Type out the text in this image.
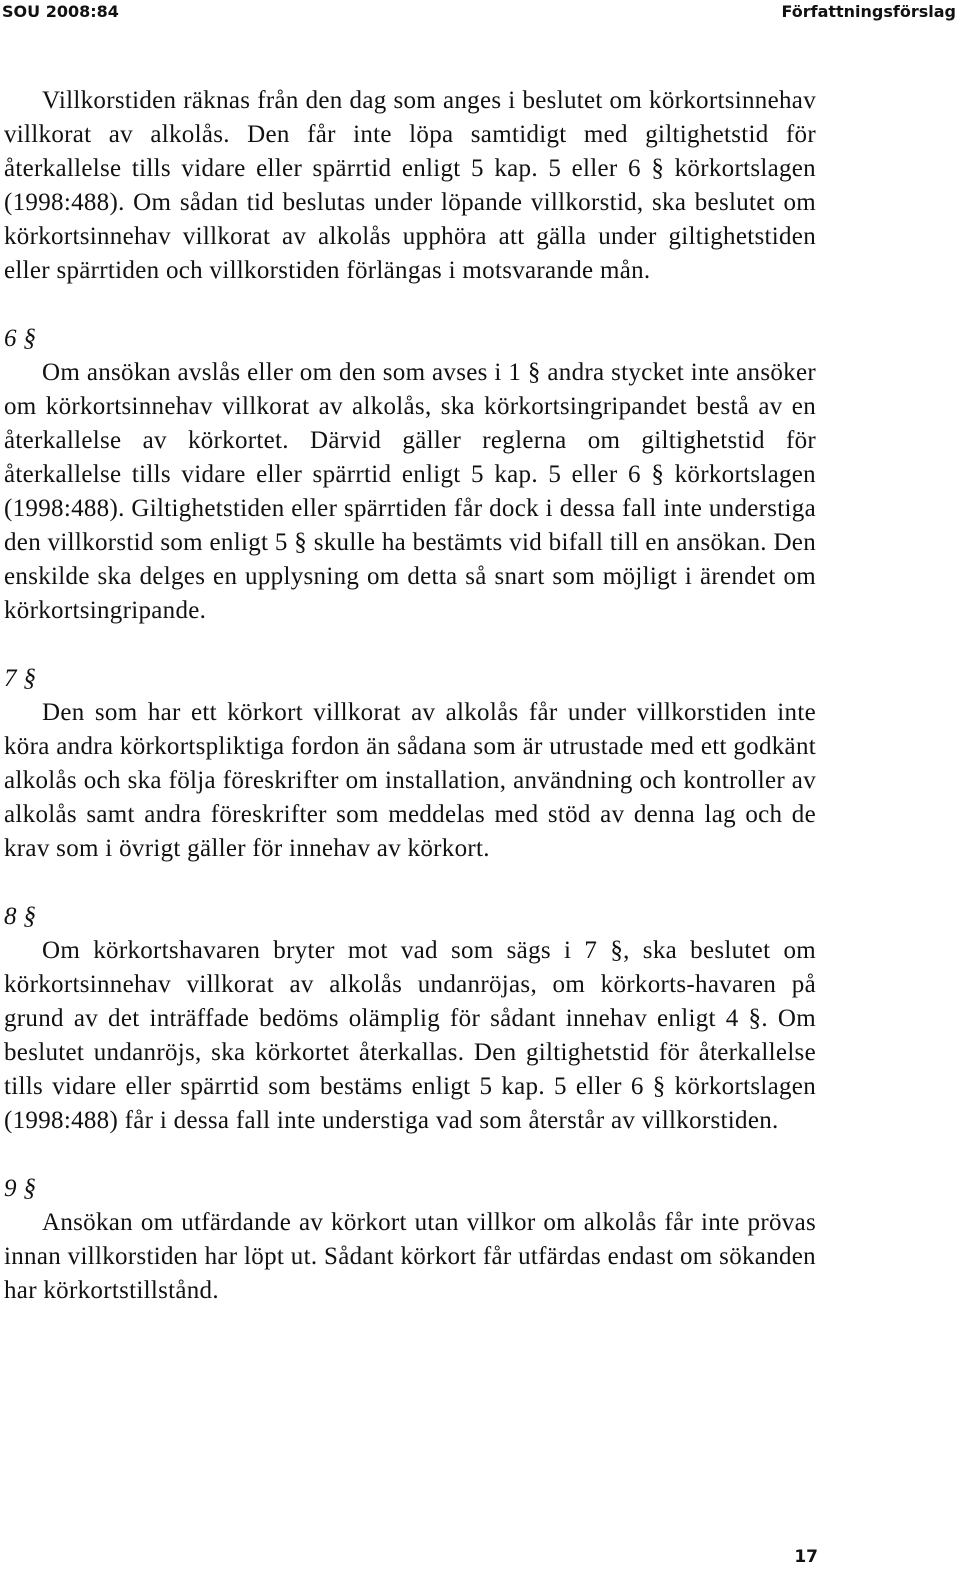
SOU 2008:84	Författningsförslag

Villkorstiden räknas från den dag som anges i beslutet om körkortsinnehav villkorat av alkolås. Den får inte löpa samtidigt med giltighetstid för återkallelse tills vidare eller spärrtid enligt 5 kap. 5 eller 6 § körkortslagen (1998:488). Om sådan tid beslutas under löpande villkorstid, ska beslutet om körkortsinnehav villkorat av alkolås upphöra att gälla under giltighetstiden eller spärrtiden och villkorstiden förlängas i motsvarande mån.

6 §

Om ansökan avslås eller om den som avses i 1 § andra stycket inte ansöker om körkortsinnehav villkorat av alkolås, ska körkortsingripandet bestå av en återkallelse av körkortet. Därvid gäller reglerna om giltighetstid för återkallelse tills vidare eller spärrtid enligt 5 kap. 5 eller 6 § körkortslagen (1998:488). Giltighetstiden eller spärrtiden får dock i dessa fall inte understiga den villkorstid som enligt 5 § skulle ha bestämts vid bifall till en ansökan. Den enskilde ska delges en upplysning om detta så snart som möjligt i ärendet om körkortsingripande.

7 §

Den som har ett körkort villkorat av alkolås får under villkorstiden inte köra andra körkortspliktiga fordon än sådana som är utrustade med ett godkänt alkolås och ska följa föreskrifter om installation, användning och kontroller av alkolås samt andra föreskrifter som meddelas med stöd av denna lag och de krav som i övrigt gäller för innehav av körkort.

8 §

Om körkortshavaren bryter mot vad som sägs i 7 §, ska beslutet om körkortsinnehav villkorat av alkolås undanröjas, om körkorts-havaren på grund av det inträffade bedöms olämplig för sådant innehav enligt 4 §. Om beslutet undanröjs, ska körkortet återkallas. Den giltighetstid för återkallelse tills vidare eller spärrtid som bestäms enligt 5 kap. 5 eller 6 § körkortslagen (1998:488) får i dessa fall inte understiga vad som återstår av villkorstiden.

9 §

Ansökan om utfärdande av körkort utan villkor om alkolås får inte prövas innan villkorstiden har löpt ut. Sådant körkort får utfärdas endast om sökanden har körkortstillstånd.

17
